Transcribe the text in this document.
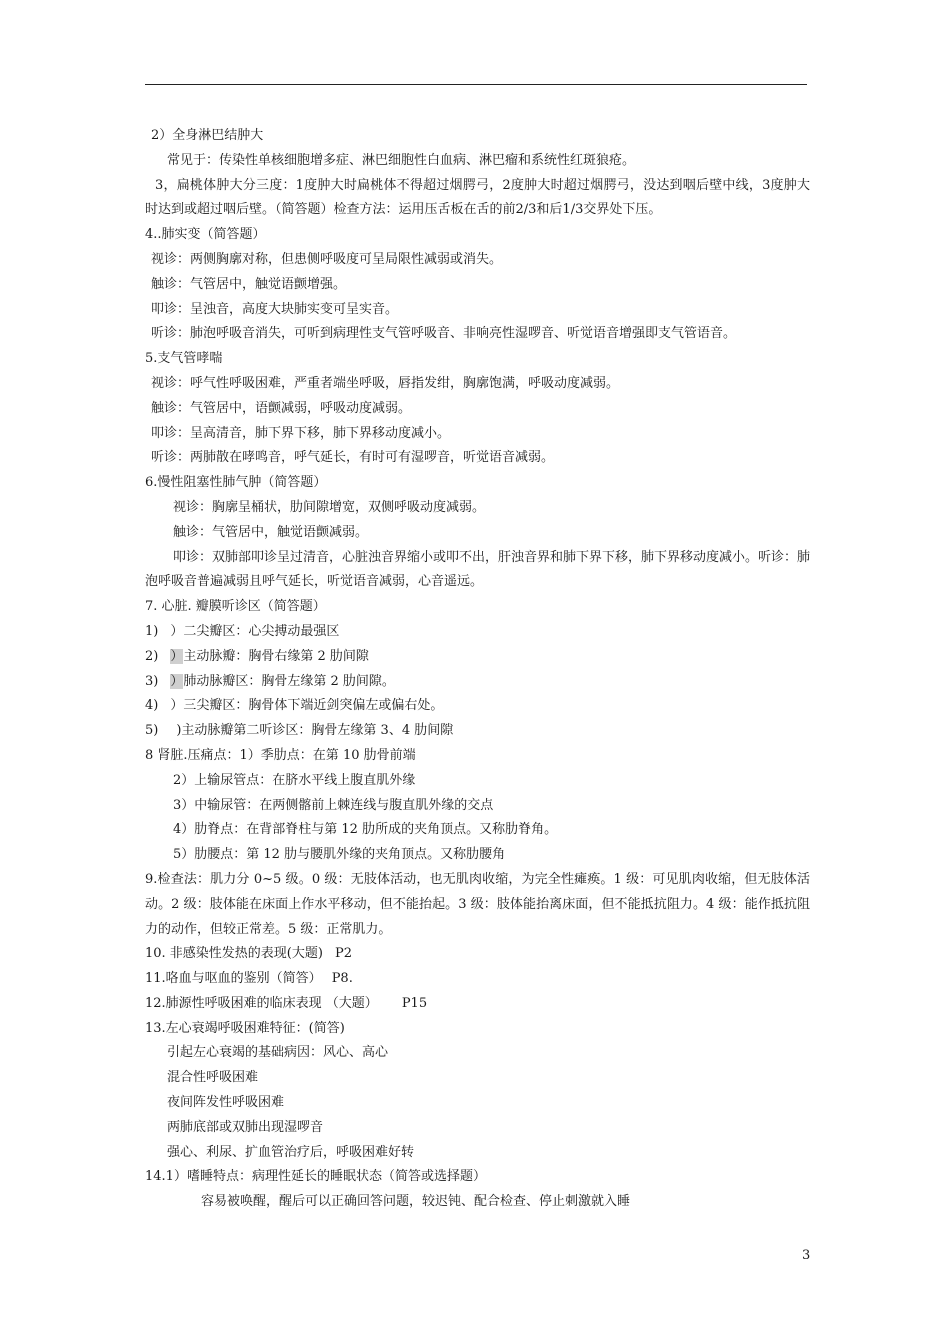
2）全身淋巴结肿大
常见于：传染性单核细胞增多症、淋巴细胞性白血病、淋巴瘤和系统性红斑狼疮。
3，扁桃体肿大分三度：1度肿大时扁桃体不得超过烟腭弓，2度肿大时超过烟腭弓，没达到咽后壁中线，3度肿大时达到或超过咽后壁。（简答题）检查方法：运用压舌板在舌的前2/3和后1/3交界处下压。
4..肺实变（简答题）
视诊：两侧胸廓对称，但患侧呼吸度可呈局限性减弱或消失。
触诊：气管居中，触觉语颤增强。
叩诊：呈浊音，高度大块肺实变可呈实音。
听诊：肺泡呼吸音消失，可听到病理性支气管呼吸音、非响亮性湿啰音、听觉语音增强即支气管语音。
5.支气管哮喘
视诊：呼气性呼吸困难，严重者端坐呼吸，唇指发绀，胸廓饱满，呼吸动度减弱。
触诊：气管居中，语颤减弱，呼吸动度减弱。
叩诊：呈高清音，肺下界下移，肺下界移动度减小。
听诊：两肺散在哮鸣音，呼气延长，有时可有湿啰音，听觉语音减弱。
6.慢性阻塞性肺气肿（简答题）
视诊：胸廓呈桶状，肋间隙增宽，双侧呼吸动度减弱。
触诊：气管居中，触觉语颤减弱。
叩诊：双肺部叩诊呈过清音，心脏浊音界缩小或叩不出，肝浊音界和肺下界下移，肺下界移动度减小。听诊：肺泡呼吸音普遍减弱且呼气延长，听觉语音减弱，心音遥远。
7. 心脏. 瓣膜听诊区（简答题）
1) ）二尖瓣区：心尖搏动最强区
2) ）主动脉瓣：胸骨右缘第 2 肋间隙
3) ）肺动脉瓣区：胸骨左缘第 2 肋间隙。
4) ）三尖瓣区：胸骨体下端近剑突偏左或偏右处。
5) )主动脉瓣第二听诊区：胸骨左缘第 3、4 肋间隙
8 肾脏.压痛点：1）季肋点：在第 10 肋骨前端
2）上输尿管点：在脐水平线上腹直肌外缘
3）中输尿管：在两侧髂前上棘连线与腹直肌外缘的交点
4）肋脊点：在背部脊柱与第 12 肋所成的夹角顶点。又称肋脊角。
5）肋腰点：第 12 肋与腰肌外缘的夹角顶点。又称肋腰角
9.检查法：肌力分 0~5 级。0 级：无肢体活动，也无肌肉收缩，为完全性瘫痪。1 级：可见肌肉收缩，但无肢体活动。2 级：肢体能在床面上作水平移动，但不能抬起。3 级：肢体能抬离床面，但不能抵抗阻力。4 级：能作抵抗阻力的动作，但较正常差。5 级：正常肌力。
10. 非感染性发热的表现(大题) P2
11.咯血与呕血的鉴别（简答） P8.
12.肺源性呼吸困难的临床表现 （大题） P15
13.左心衰竭呼吸困难特征：(简答)
引起左心衰竭的基础病因：风心、高心
混合性呼吸困难
夜间阵发性呼吸困难
两肺底部或双肺出现湿啰音
强心、利尿、扩血管治疗后，呼吸困难好转
14.1）嗜睡特点：病理性延长的睡眠状态（简答或选择题）
容易被唤醒，醒后可以正确回答问题，较迟钝、配合检查、停止刺激就入睡
3
